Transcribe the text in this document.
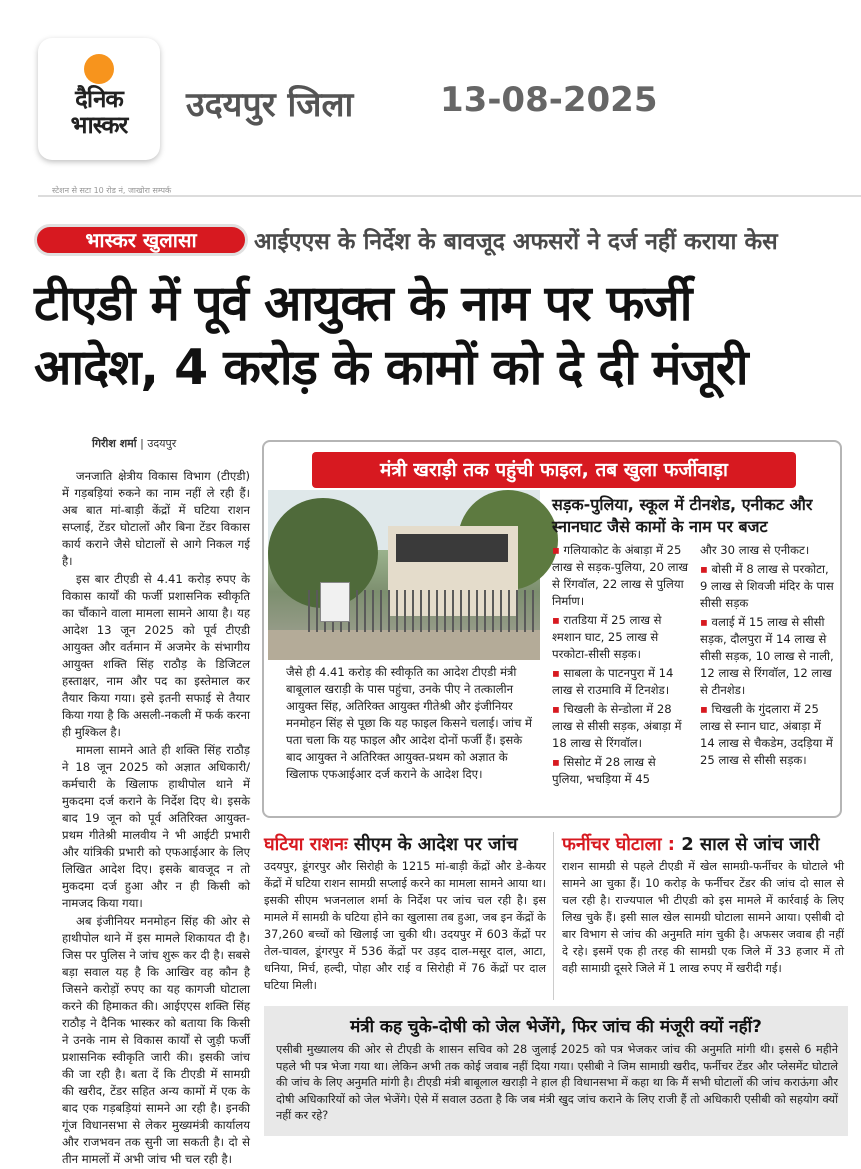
दैनिक
भास्कर	उदयपुर जिला	13-08-2025
स्टेशन से सटा 10 रोड नं, जाखोरा सम्पर्क
भास्कर खुलासा	आईएएस के निर्देश के बावजूद अफसरों ने दर्ज नहीं कराया केस
टीएडी में पूर्व आयुक्त के नाम पर फर्जी
आदेश, 4 करोड़ के कामों को दे दी मंजूरी
गिरीश शर्मा | उदयपुर

जनजाति क्षेत्रीय विकास विभाग (टीएडी) में गड़बड़ियां रुकने का नाम नहीं ले रही हैं। अब बात मां-बाड़ी केंद्रों में घटिया राशन सप्लाई, टेंडर घोटालों और बिना टेंडर विकास कार्य कराने जैसे घोटालों से आगे निकल गई है।

इस बार टीएडी से 4.41 करोड़ रुपए के विकास कार्यों की फर्जी प्रशासनिक स्वीकृति का चौंकाने वाला मामला सामने आया है। यह आदेश 13 जून 2025 को पूर्व टीएडी आयुक्त और वर्तमान में अजमेर के संभागीय आयुक्त शक्ति सिंह राठौड़ के डिजिटल हस्ताक्षर, नाम और पद का इस्तेमाल कर तैयार किया गया। इसे इतनी सफाई से तैयार किया गया है कि असली-नकली में फर्क करना ही मुश्किल है।

मामला सामने आते ही शक्ति सिंह राठौड़ ने 18 जून 2025 को अज्ञात अधिकारी/कर्मचारी के खिलाफ हाथीपोल थाने में मुकदमा दर्ज कराने के निर्देश दिए थे। इसके बाद 19 जून को पूर्व अतिरिक्त आयुक्त-प्रथम गीतेश्री मालवीय ने भी आईटी प्रभारी और यांत्रिकी प्रभारी को एफआईआर के लिए लिखित आदेश दिए। इसके बावजूद न तो मुकदमा दर्ज हुआ और न ही किसी को नामजद किया गया।

अब इंजीनियर मनमोहन सिंह की ओर से हाथीपोल थाने में इस मामले शिकायत दी है। जिस पर पुलिस ने जांच शुरू कर दी है। सबसे बड़ा सवाल यह है कि आखिर वह कौन है जिसने करोड़ों रुपए का यह कागजी घोटाला करने की हिमाकत की। आईएएस शक्ति सिंह राठौड़ ने दैनिक भास्कर को बताया कि किसी ने उनके नाम से विकास कार्यों से जुड़ी फर्जी प्रशासनिक स्वीकृति जारी की। इसकी जांच की जा रही है। बता दें कि टीएडी में सामग्री की खरीद, टेंडर सहित अन्य कामों में एक के बाद एक गड़बड़ियां सामने आ रही है। इनकी गूंज विधानसभा से लेकर मुख्यमंत्री कार्यालय और राजभवन तक सुनी जा सकती है। दो से तीन मामलों में अभी जांच भी चल रही है।

मंत्री खराड़ी तक पहुंची फाइल, तब खुला फर्जीवाड़ा
जैसे ही 4.41 करोड़ की स्वीकृति का आदेश टीएडी मंत्री बाबूलाल खराड़ी के पास पहुंचा, उनके पीए ने तत्कालीन आयुक्त सिंह, अतिरिक्त आयुक्त गीतेश्री और इंजीनियर मनमोहन सिंह से पूछा कि यह फाइल किसने चलाई। जांच में पता चला कि यह फाइल और आदेश दोनों फर्जी हैं। इसके बाद आयुक्त ने अतिरिक्त आयुक्त-प्रथम को अज्ञात के खिलाफ एफआईआर दर्ज कराने के आदेश दिए।
सड़क-पुलिया, स्कूल में टीनशेड, एनीकट और स्नानघाट जैसे कामों के नाम पर बजट
▪ गलियाकोट के अंबाड़ा में 25 लाख से सड़क-पुलिया, 20 लाख से रिंगवॉल, 22 लाख से पुलिया निर्माण।
▪ रातडिया में 25 लाख से श्मशान घाट, 25 लाख से परकोटा-सीसी सड़क।
▪ साबला के पाटनपुरा में 14 लाख से राउमावि में टिनशेड।
▪ चिखली के सेन्डोला में 28 लाख से सीसी सड़क, अंबाड़ा में 18 लाख से रिंगवॉल।
▪ सिसोट में 28 लाख से पुलिया, भचड़िया में 45
और 30 लाख से एनीकट।
▪ बोसी में 8 लाख से परकोटा, 9 लाख से शिवजी मंदिर के पास सीसी सड़क
▪ वलाई में 15 लाख से सीसी सड़क, दौलपुरा में 14 लाख से सीसी सड़क, 10 लाख से नाली, 12 लाख से रिंगवॉल, 12 लाख से टीनशेड।
▪ चिखली के गुंदलारा में 25 लाख से स्नान घाट, अंबाड़ा में 14 लाख से चैकडेम, उदड़िया में 25 लाख से सीसी सड़क।
घटिया राशनः सीएम के आदेश पर जांच
उदयपुर, डूंगरपुर और सिरोही के 1215 मां-बाड़ी केंद्रों और डे-केयर केंद्रों में घटिया राशन सामग्री सप्लाई करने का मामला सामने आया था। इसकी सीएम भजनलाल शर्मा के निर्देश पर जांच चल रही है। इस मामले में सामग्री के घटिया होने का खुलासा तब हुआ, जब इन केंद्रों के 37,260 बच्चों को खिलाई जा चुकी थी। उदयपुर में 603 केंद्रों पर तेल-चावल, डूंगरपुर में 536 केंद्रों पर उड़द दाल-मसूर दाल, आटा, धनिया, मिर्च, हल्दी, पोहा और राई व सिरोही में 76 केंद्रों पर दाल घटिया मिली।
फर्नीचर घोटाला : 2 साल से जांच जारी
राशन सामग्री से पहले टीएडी में खेल सामग्री-फर्नीचर के घोटाले भी सामने आ चुका हैं। 10 करोड़ के फर्नीचर टेंडर की जांच दो साल से चल रही है। राज्यपाल भी टीएडी को इस मामले में कार्रवाई के लिए लिख चुके हैं। इसी साल खेल सामग्री घोटाला सामने आया। एसीबी दो बार विभाग से जांच की अनुमति मांग चुकी है। अफसर जवाब ही नहीं दे रहे। इसमें एक ही तरह की सामग्री एक जिले में 33 हजार में तो वही सामाग्री दूसरे जिले में 1 लाख रुपए में खरीदी गई।
मंत्री कह चुके-दोषी को जेल भेजेंगे, फिर जांच की मंजूरी क्यों नहीं?
एसीबी मुख्यालय की ओर से टीएडी के शासन सचिव को 28 जुलाई 2025 को पत्र भेजकर जांच की अनुमति मांगी थी। इससे 6 महीने पहले भी पत्र भेजा गया था। लेकिन अभी तक कोई जवाब नहीं दिया गया। एसीबी ने जिम सामाग्री खरीद, फर्नीचर टेंडर और प्लेसमेंट घोटाले की जांच के लिए अनुमति मांगी है। टीएडी मंत्री बाबूलाल खराड़ी ने हाल ही विधानसभा में कहा था कि मैं सभी घोटालों की जांच कराऊंगा और दोषी अधिकारियों को जेल भेजेंगे। ऐसे में सवाल उठता है कि जब मंत्री खुद जांच कराने के लिए राजी हैं तो अधिकारी एसीबी को सहयोग क्यों नहीं कर रहे?
